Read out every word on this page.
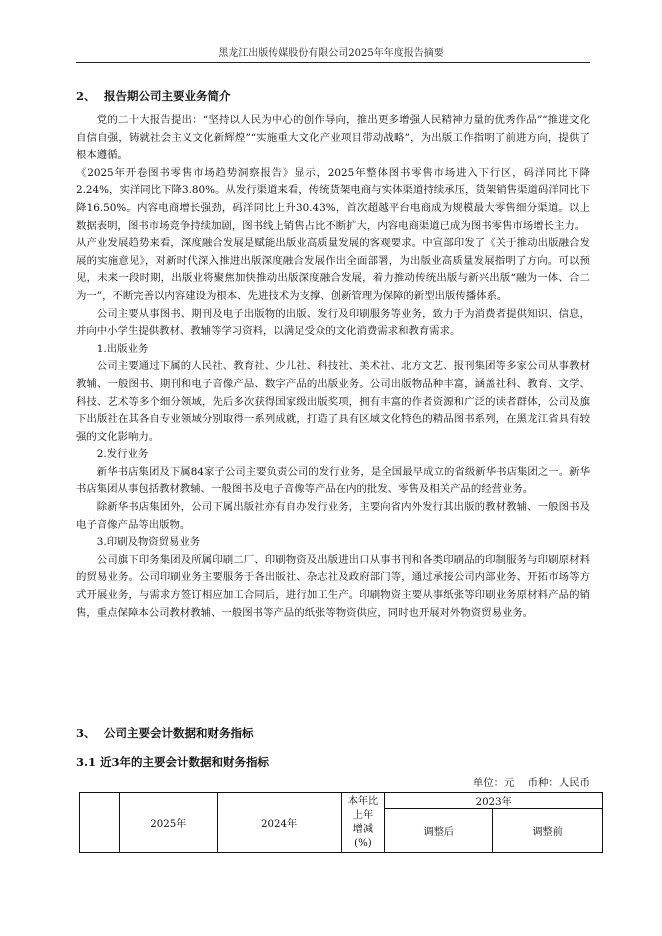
黑龙江出版传媒股份有限公司2025年年度报告摘要
2、 报告期公司主要业务简介

党的二十大报告提出：“坚持以人民为中心的创作导向，推出更多增强人民精神力量的优秀作品”“推进文化自信自强，铸就社会主义文化新辉煌”“实施重大文化产业项目带动战略”，为出版工作指明了前进方向，提供了根本遵循。

《2025年开卷图书零售市场趋势洞察报告》显示，2025年整体图书零售市场进入下行区，码洋同比下降2.24%，实洋同比下降3.80%。从发行渠道来看，传统货架电商与实体渠道持续承压，货架销售渠道码洋同比下降16.50%。内容电商增长强劲，码洋同比上升30.43%，首次超越平台电商成为规模最大零售细分渠道。以上数据表明，图书市场竞争持续加剧，图书线上销售占比不断扩大，内容电商渠道已成为图书零售市场增长主力。

从产业发展趋势来看，深度融合发展是赋能出版业高质量发展的客观要求。中宣部印发了《关于推动出版融合发展的实施意见》，对新时代深入推进出版深度融合发展作出全面部署，为出版业高质量发展指明了方向。可以预见，未来一段时期，出版业将聚焦加快推动出版深度融合发展，着力推动传统出版与新兴出版“融为一体、合二为一”，不断完善以内容建设为根本、先进技术为支撑、创新管理为保障的新型出版传播体系。

公司主要从事图书、期刊及电子出版物的出版、发行及印刷服务等业务，致力于为消费者提供知识、信息，并向中小学生提供教材、教辅等学习资料，以满足受众的文化消费需求和教育需求。

1.出版业务

公司主要通过下属的人民社、教育社、少儿社、科技社、美术社、北方文艺、报刊集团等多家公司从事教材教辅、一般图书、期刊和电子音像产品、数字产品的出版业务。公司出版物品种丰富，涵盖社科、教育、文学、科技、艺术等多个细分领域，先后多次获得国家级出版奖项，拥有丰富的作者资源和广泛的读者群体，公司及旗下出版社在其各自专业领域分别取得一系列成就，打造了具有区域文化特色的精品图书系列，在黑龙江省具有较强的文化影响力。

2.发行业务

新华书店集团及下属84家子公司主要负责公司的发行业务，是全国最早成立的省级新华书店集团之一。新华书店集团从事包括教材教辅、一般图书及电子音像等产品在内的批发、零售及相关产品的经营业务。

除新华书店集团外，公司下属出版社亦有自办发行业务，主要向省内外发行其出版的教材教辅、一般图书及电子音像产品等出版物。

3.印刷及物资贸易业务

公司旗下印务集团及所属印刷二厂、印刷物资及出版进出口从事书刊和各类印刷品的印制服务与印刷原材料的贸易业务。公司印刷业务主要服务于各出版社、杂志社及政府部门等，通过承接公司内部业务、开拓市场等方式开展业务，与需求方签订相应加工合同后，进行加工生产。印刷物资主要从事纸张等印刷业务原材料产品的销售，重点保障本公司教材教辅、一般图书等产品的纸张等物资供应，同时也开展对外物资贸易业务。

3、 公司主要会计数据和财务指标
3.1 近3年的主要会计数据和财务指标
单位：元 币种：人民币
	2025年	2024年	本年比
上年
增减
(%)	2023年	
				调整后	调整前
